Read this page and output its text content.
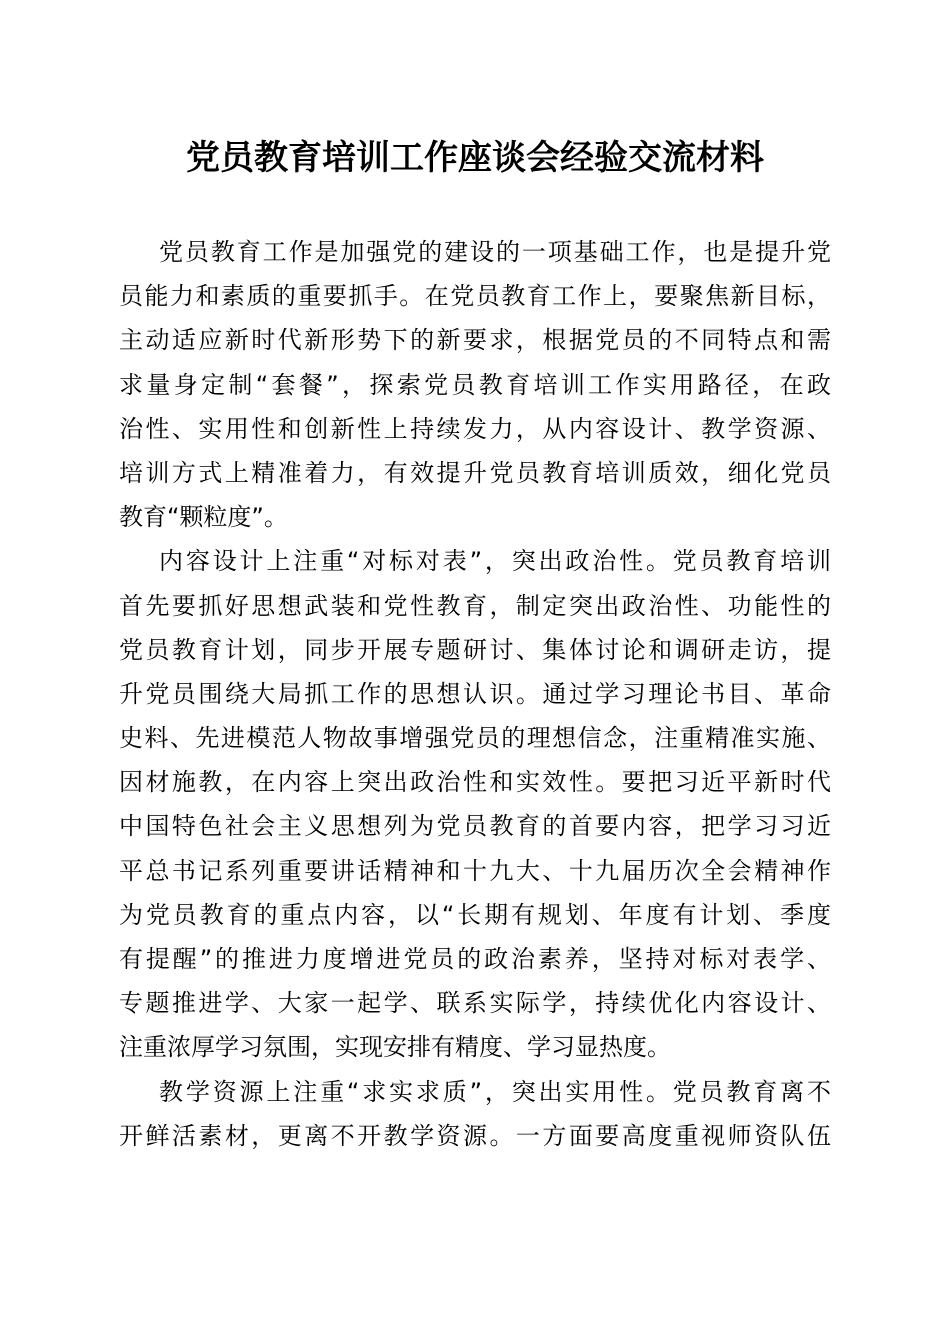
党员教育培训工作座谈会经验交流材料

党员教育工作是加强党的建设的一项基础工作，也是提升党
员能力和素质的重要抓手。在党员教育工作上，要聚焦新目标，
主动适应新时代新形势下的新要求，根据党员的不同特点和需
求量身定制“套餐”，探索党员教育培训工作实用路径，在政
治性、实用性和创新性上持续发力，从内容设计、教学资源、
培训方式上精准着力，有效提升党员教育培训质效，细化党员
教育“颗粒度”。

内容设计上注重“对标对表”，突出政治性。党员教育培训
首先要抓好思想武装和党性教育，制定突出政治性、功能性的
党员教育计划，同步开展专题研讨、集体讨论和调研走访，提
升党员围绕大局抓工作的思想认识。通过学习理论书目、革命
史料、先进模范人物故事增强党员的理想信念，注重精准实施、
因材施教，在内容上突出政治性和实效性。要把习近平新时代
中国特色社会主义思想列为党员教育的首要内容，把学习习近
平总书记系列重要讲话精神和十九大、十九届历次全会精神作
为党员教育的重点内容，以“长期有规划、年度有计划、季度
有提醒”的推进力度增进党员的政治素养，坚持对标对表学、
专题推进学、大家一起学、联系实际学，持续优化内容设计、
注重浓厚学习氛围，实现安排有精度、学习显热度。

教学资源上注重“求实求质”，突出实用性。党员教育离不
开鲜活素材，更离不开教学资源。一方面要高度重视师资队伍
